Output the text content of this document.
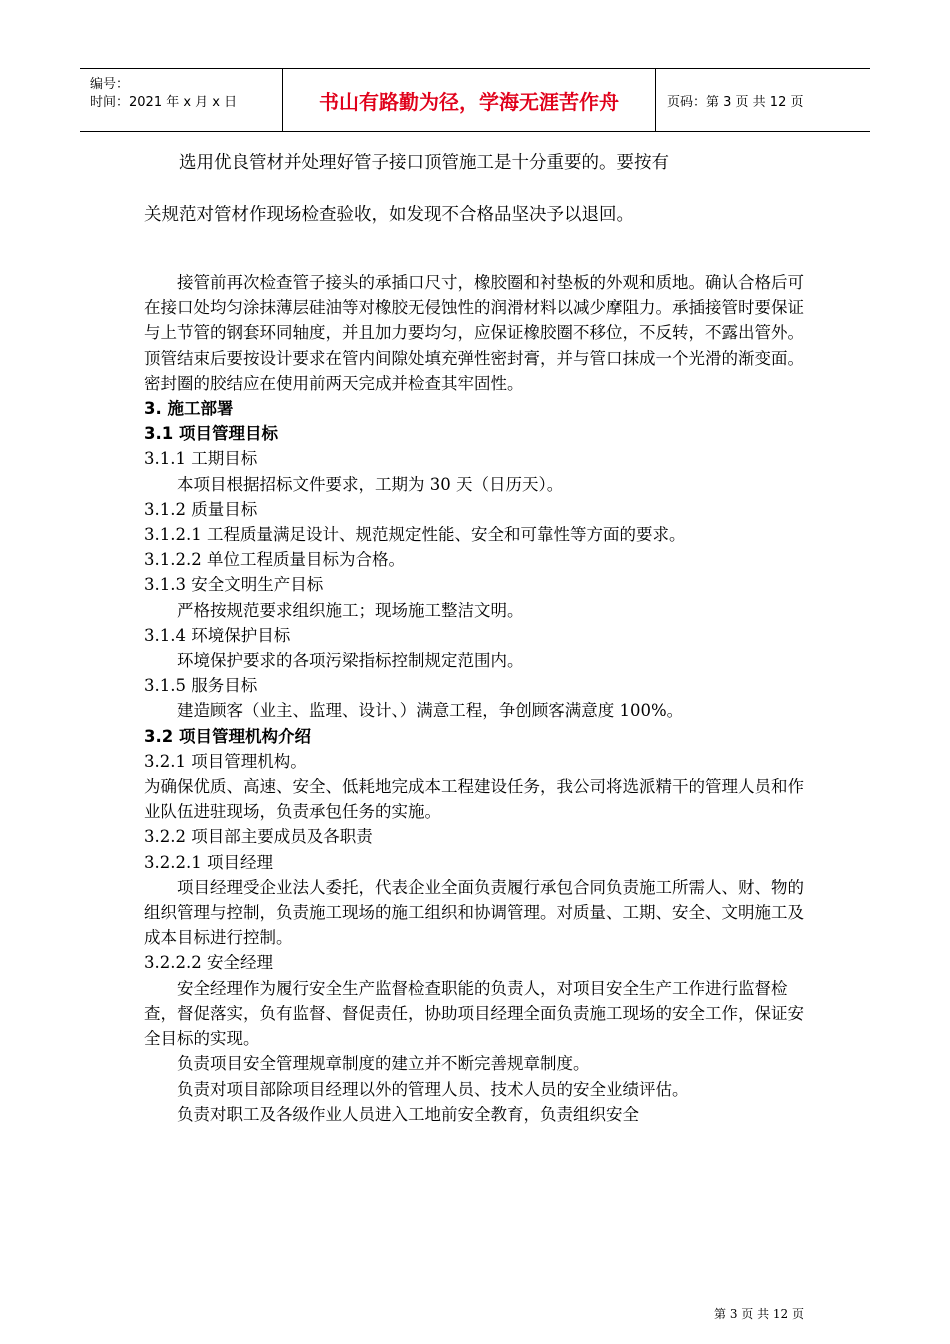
编号：
时间：2021 年 x 月 x 日	书山有路勤为径，学海无涯苦作舟	页码：第 3 页 共 12 页

选用优良管材并处理好管子接口顶管施工是十分重要的。要按有

关规范对管材作现场检查验收，如发现不合格品坚决予以退回。

接管前再次检查管子接头的承插口尺寸，橡胶圈和衬垫板的外观和质地。确认合格后可在接口处均匀涂抹薄层硅油等对橡胶无侵蚀性的润滑材料以减少摩阻力。承插接管时要保证与上节管的钢套环同轴度，并且加力要均匀，应保证橡胶圈不移位，不反转，不露出管外。顶管结束后要按设计要求在管内间隙处填充弹性密封膏，并与管口抹成一个光滑的渐变面。密封圈的胶结应在使用前两天完成并检查其牢固性。

3. 施工部署

3.1 项目管理目标

3.1.1 工期目标

本项目根据招标文件要求，工期为 30 天（日历天）。

3.1.2 质量目标

3.1.2.1 工程质量满足设计、规范规定性能、安全和可靠性等方面的要求。

3.1.2.2 单位工程质量目标为合格。

3.1.3 安全文明生产目标

严格按规范要求组织施工；现场施工整洁文明。

3.1.4 环境保护目标

环境保护要求的各项污梁指标控制规定范围内。

3.1.5 服务目标

建造顾客（业主、监理、设计、）满意工程，争创顾客满意度 100%。

3.2 项目管理机构介绍

3.2.1 项目管理机构。

为确保优质、高速、安全、低耗地完成本工程建设任务，我公司将选派精干的管理人员和作业队伍进驻现场，负责承包任务的实施。

3.2.2 项目部主要成员及各职责

3.2.2.1 项目经理

项目经理受企业法人委托，代表企业全面负责履行承包合同负责施工所需人、财、物的组织管理与控制，负责施工现场的施工组织和协调管理。对质量、工期、安全、文明施工及成本目标进行控制。

3.2.2.2 安全经理

安全经理作为履行安全生产监督检查职能的负责人，对项目安全生产工作进行监督检查，督促落实，负有监督、督促责任，协助项目经理全面负责施工现场的安全工作，保证安全目标的实现。

负责项目安全管理规章制度的建立并不断完善规章制度。

负责对项目部除项目经理以外的管理人员、技术人员的安全业绩评估。

负责对职工及各级作业人员进入工地前安全教育，负责组织安全

第 3 页 共 12 页
